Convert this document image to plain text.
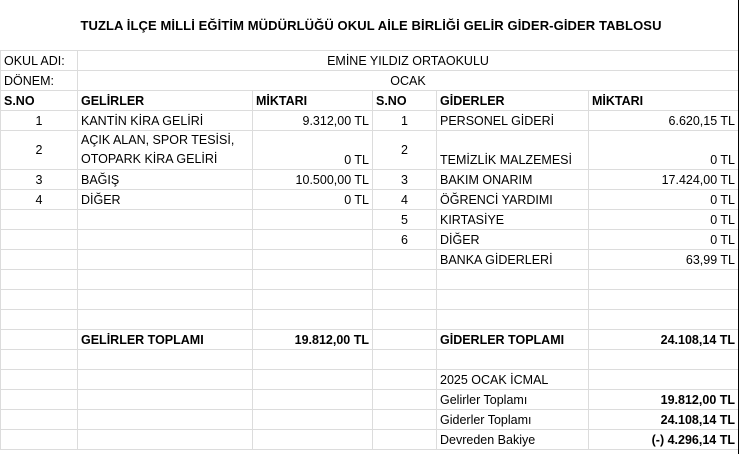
TUZLA İLÇE MİLLİ EĞİTİM MÜDÜRLÜĞÜ OKUL AİLE BİRLİĞİ GELİR GİDER-GİDER TABLOSU
OKUL ADI:	EMİNE YILDIZ ORTAOKULU				
DÖNEM:	OCAK				
S.NO	GELİRLER	MİKTARI	S.NO	GİDERLER	MİKTARI
1	KANTİN KİRA GELİRİ	9.312,00 TL	1	PERSONEL GİDERİ	6.620,15 TL
2	AÇIK ALAN, SPOR TESİSİ,
OTOPARK KİRA GELİRİ	0 TL	2	TEMİZLİK MALZEMESİ	0 TL
3	BAĞIŞ	10.500,00 TL	3	BAKIM ONARIM	17.424,00 TL
4	DİĞER	0 TL	4	ÖĞRENCİ YARDIMI	0 TL
			5	KIRTASİYE	0 TL
			6	DİĞER	0 TL
				BANKA GİDERLERİ	63,99 TL

	GELİRLER TOPLAMI	19.812,00 TL		GİDERLER TOPLAMI	24.108,14 TL

				2025 OCAK İCMAL	
				Gelirler Toplamı	19.812,00 TL
				Giderler Toplamı	24.108,14 TL
				Devreden Bakiye	(-) 4.296,14 TL
